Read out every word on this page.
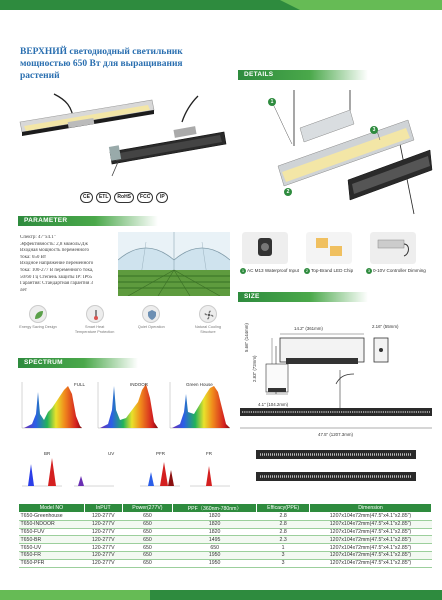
ВЕРХНИЙ светодиодный светильник мощностью 650 Вт для выращивания растений
CE	ETL	RoHS	FCC	IP
PARAMETER
Спектр: 47"x4.1"
Эффективность: 2,8 мкмоль/Дж
Входная мощность переменного
тока: 650 Вт
Входное напряжение переменного
тока: 100-277 В переменного тока,
50/60 Гц Степень защиты IP: IP65
Гарантия: Стандартная гарантия 3
лет
Energy Saving Design	Smart Heat Temperature Protection
Quiet Operation	Natural Cooling Structure
SPECTRUM
FULL	INDOOR	Green House
BR	UV	PFR	FR
DETAILS
1
2
3
1 AC M13 Waterproof Input	2 Top-Brand LED Chip	3 0-10V Controller Dimming
SIZE
14.2" (361mm)	2.16" (55mm)
5.66" (144mm)
2.83" (72mm)
4.1" (104.2mm)
47.5" (1207.3mm)
Model NO	InPUT	Power(277V)	PPF（360nm-780nm）	Efficacy(PPE)	Dimension
T650-Greenhouse	120-277V	650	1820	2.8	1207x104x72mm(47.5"x4.1"x2.85")
T650-INDOOR	120-277V	650	1820	2.8	1207x104x72mm(47.5"x4.1"x2.85")
T650-FUV	120-277V	650	1820	2.8	1207x104x72mm(47.5"x4.1"x2.85")
T650-BR	120-277V	650	1495	2.3	1207x104x72mm(47.5"x4.1"x2.85")
T650-UV	120-277V	650	650	1	1207x104x72mm(47.5"x4.1"x2.85")
T650-FR	120-277V	650	1950	3	1207x104x72mm(47.5"x4.1"x2.85")
T650-PFR	120-277V	650	1950	3	1207x104x72mm(47.5"x4.1"x2.85")
